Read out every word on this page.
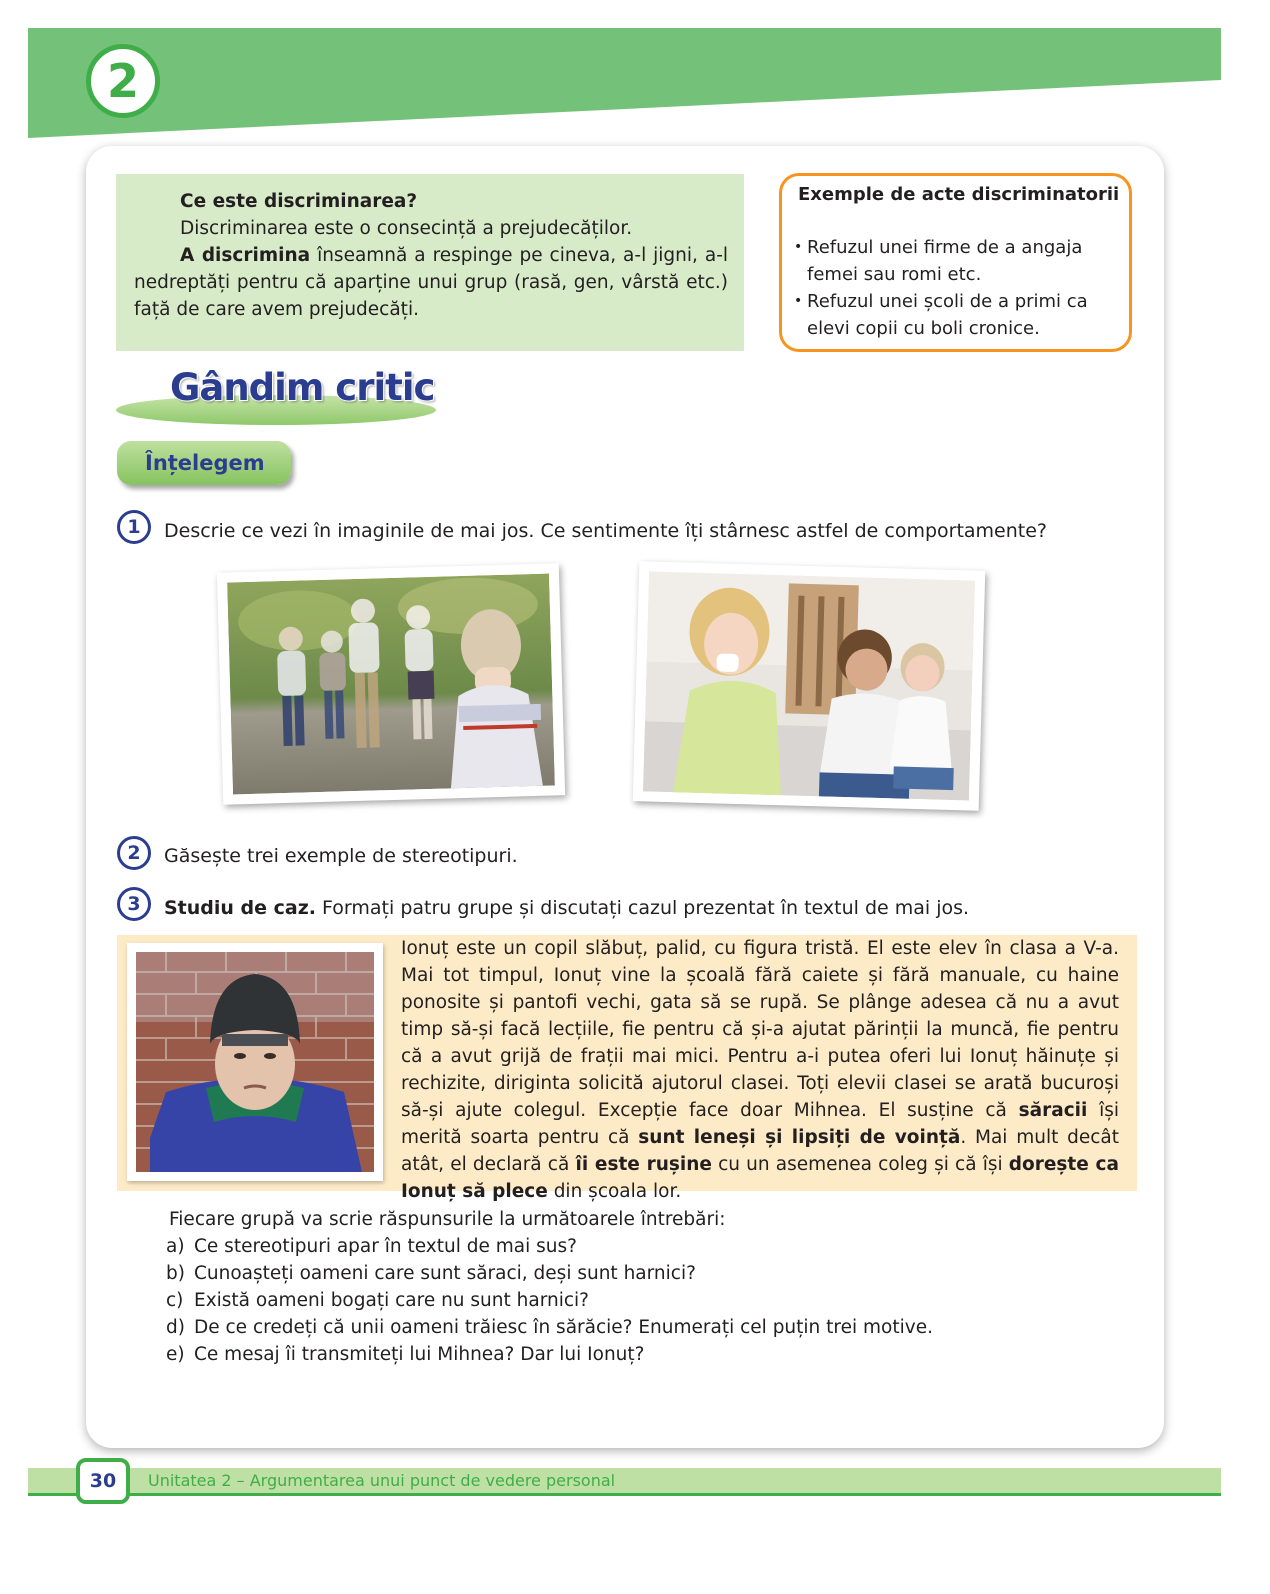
2

Ce este discriminarea?

Discriminarea este o consecință a prejudecăților.

A discrimina înseamnă a respinge pe cineva, a-l jigni, a-l nedreptăți pentru că aparține unui grup (rasă, gen, vârstă etc.) față de care avem prejudecăți.

Exemple de acte discriminatorii
• Refuzul unei firme de a angaja femei sau romi etc.
• Refuzul unei școli de a primi ca elevi copii cu boli cronice.
Gândim critic
Înțelegem
1 Descrie ce vezi în imaginile de mai jos. Ce sentimente îți stârnesc astfel de comportamente?
2 Găsește trei exemple de stereotipuri.
3 Studiu de caz. Formați patru grupe și discutați cazul prezentat în textul de mai jos.
Ionuț este un copil slăbuț, palid, cu figura tristă. El este elev în clasa a V-a. Mai tot timpul, Ionuț vine la școală fără caiete și fără manuale, cu haine ponosite și pantofi vechi, gata să se rupă. Se plânge adesea că nu a avut timp să-și facă lecțiile, fie pentru că și-a ajutat părinții la muncă, fie pentru că a avut grijă de frații mai mici. Pentru a-i putea oferi lui Ionuț hăinuțe și rechizite, diriginta solicită ajutorul clasei. Toți elevii clasei se arată bucuroși să-și ajute colegul. Excepție face doar Mihnea. El susține că săracii își merită soarta pentru că sunt leneși și lipsiți de voință. Mai mult decât atât, el declară că îi este rușine cu un asemenea coleg și că își dorește ca Ionuț să plece din școala lor.
Fiecare grupă va scrie răspunsurile la următoarele întrebări:
a) Ce stereotipuri apar în textul de mai sus?
b) Cunoașteți oameni care sunt săraci, deși sunt harnici?
c) Există oameni bogați care nu sunt harnici?
d) De ce credeți că unii oameni trăiesc în sărăcie? Enumerați cel puțin trei motive.
e) Ce mesaj îi transmiteți lui Mihnea? Dar lui Ionuț?
30 Unitatea 2 – Argumentarea unui punct de vedere personal
